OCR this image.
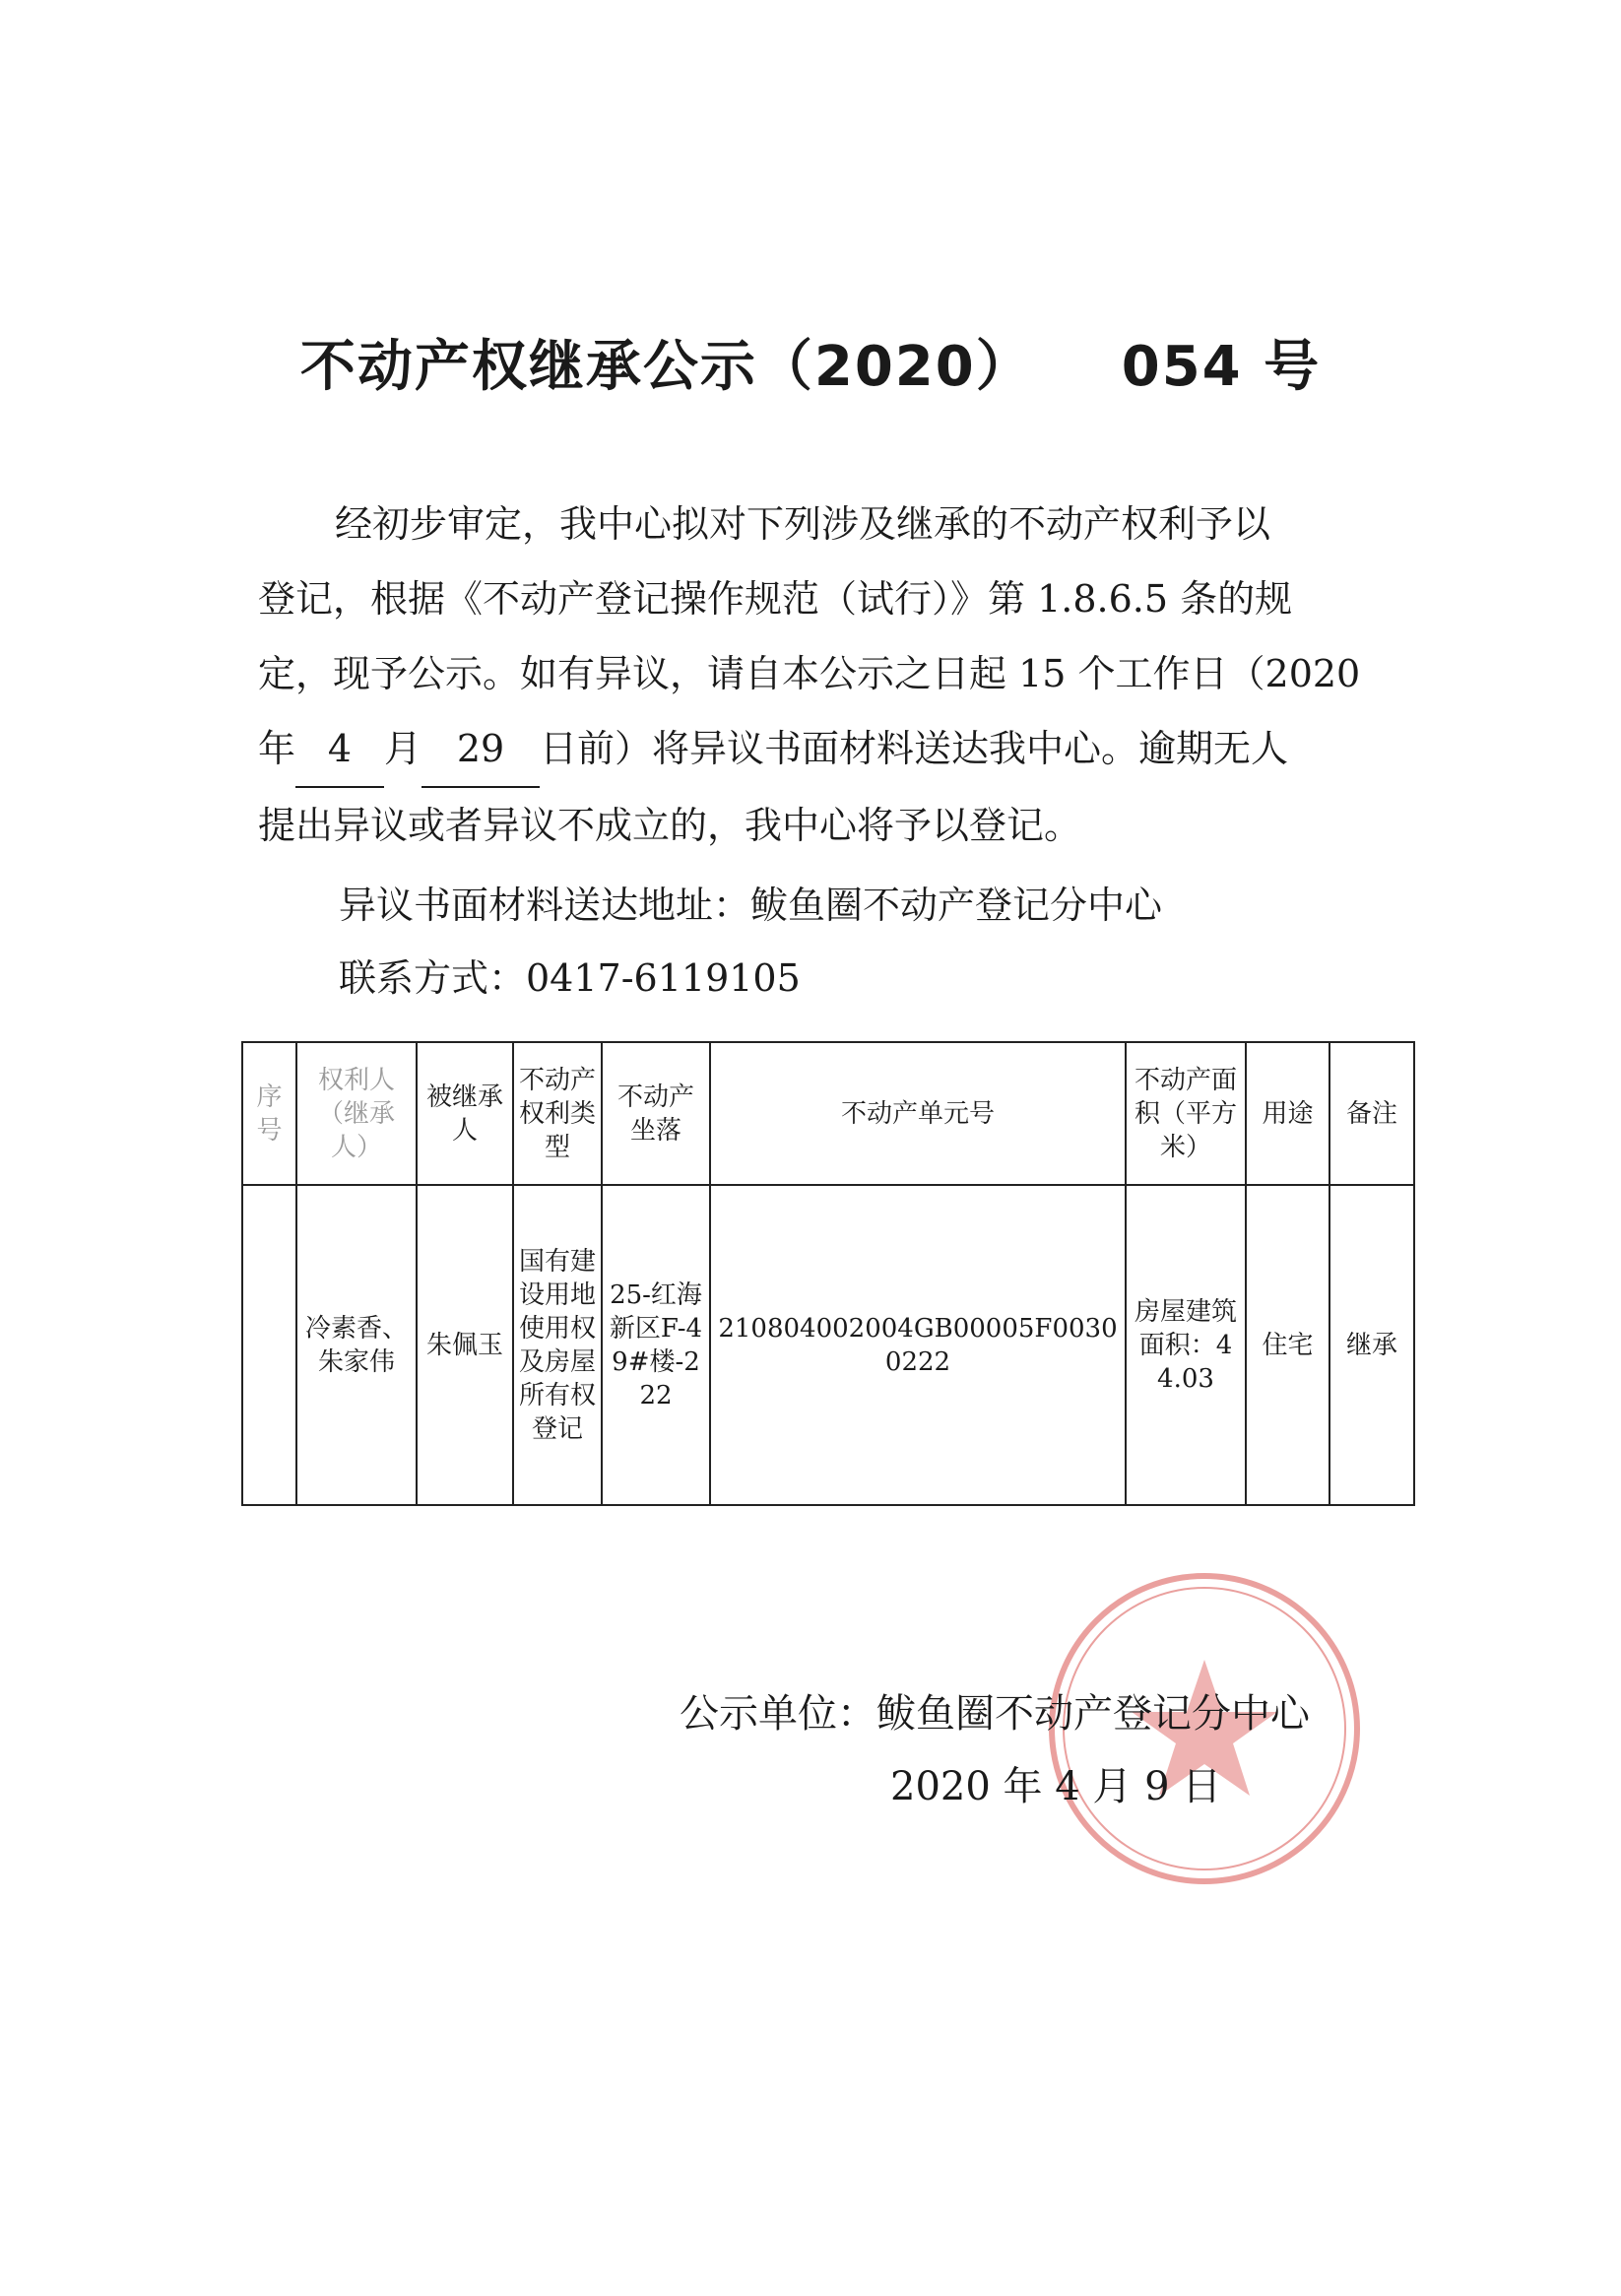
不动产权继承公示（2020） 054 号

经初步审定，我中心拟对下列涉及继承的不动产权利予以

登记，根据《不动产登记操作规范（试行）》第 1.8.6.5 条的规

定，现予公示。如有异议，请自本公示之日起 15 个工作日（2020

年 4 月 29 日前）将异议书面材料送达我中心。逾期无人

提出异议或者异议不成立的，我中心将予以登记。

异议书面材料送达地址：鲅鱼圈不动产登记分中心
联系方式：0417-6119105
序号	权利人（继承人）	被继承人	不动产权利类型	不动产坐落	不动产单元号	不动产面积（平方米）	用途	备注
	冷素香、朱家伟	朱佩玉	国有建设用地使用权及房屋所有权登记	25-红海新区F-49#楼-222	210804002004GB00005F00300222	房屋建筑面积：44.03	住宅	继承
公示单位：鲅鱼圈不动产登记分中心
2020 年 4 月 9 日
